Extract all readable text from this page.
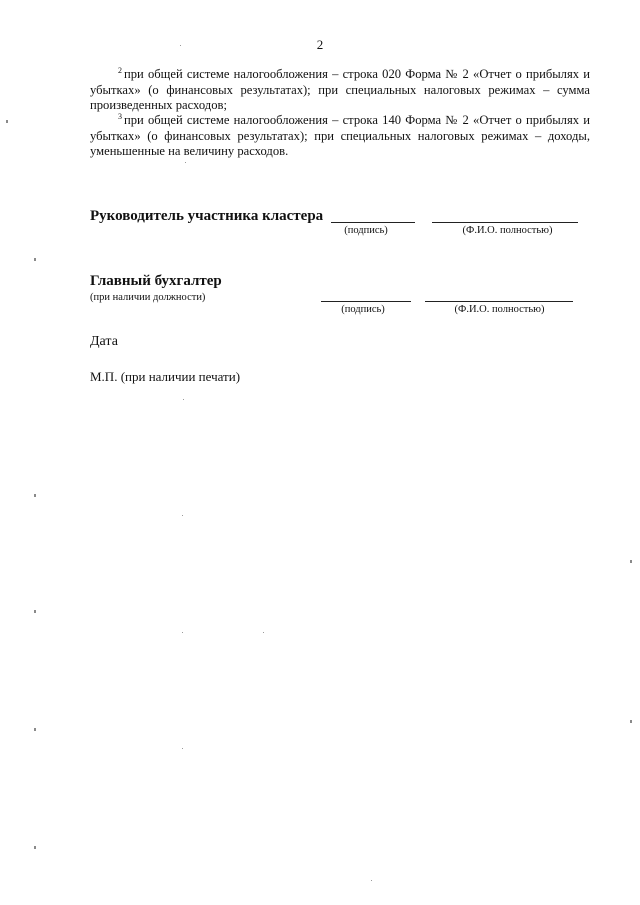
2
$^2$ при общей системе налогообложения – строка 020 Форма № 2 «Отчет о прибылях и убытках» (о финансовых результатах); при специальных налоговых режимах – сумма произведенных расходов;
$^3$ при общей системе налогообложения – строка 140 Форма № 2 «Отчет о прибылях и убытках» (о финансовых результатах); при специальных налоговых режимах – доходы, уменьшенные на величину расходов.
Руководитель участника кластера
(подпись)	(Ф.И.О. полностью)
Главный бухгалтер
(при наличии должности)
(подпись)	(Ф.И.О. полностью)
Дата
М.П. (при наличии печати)
